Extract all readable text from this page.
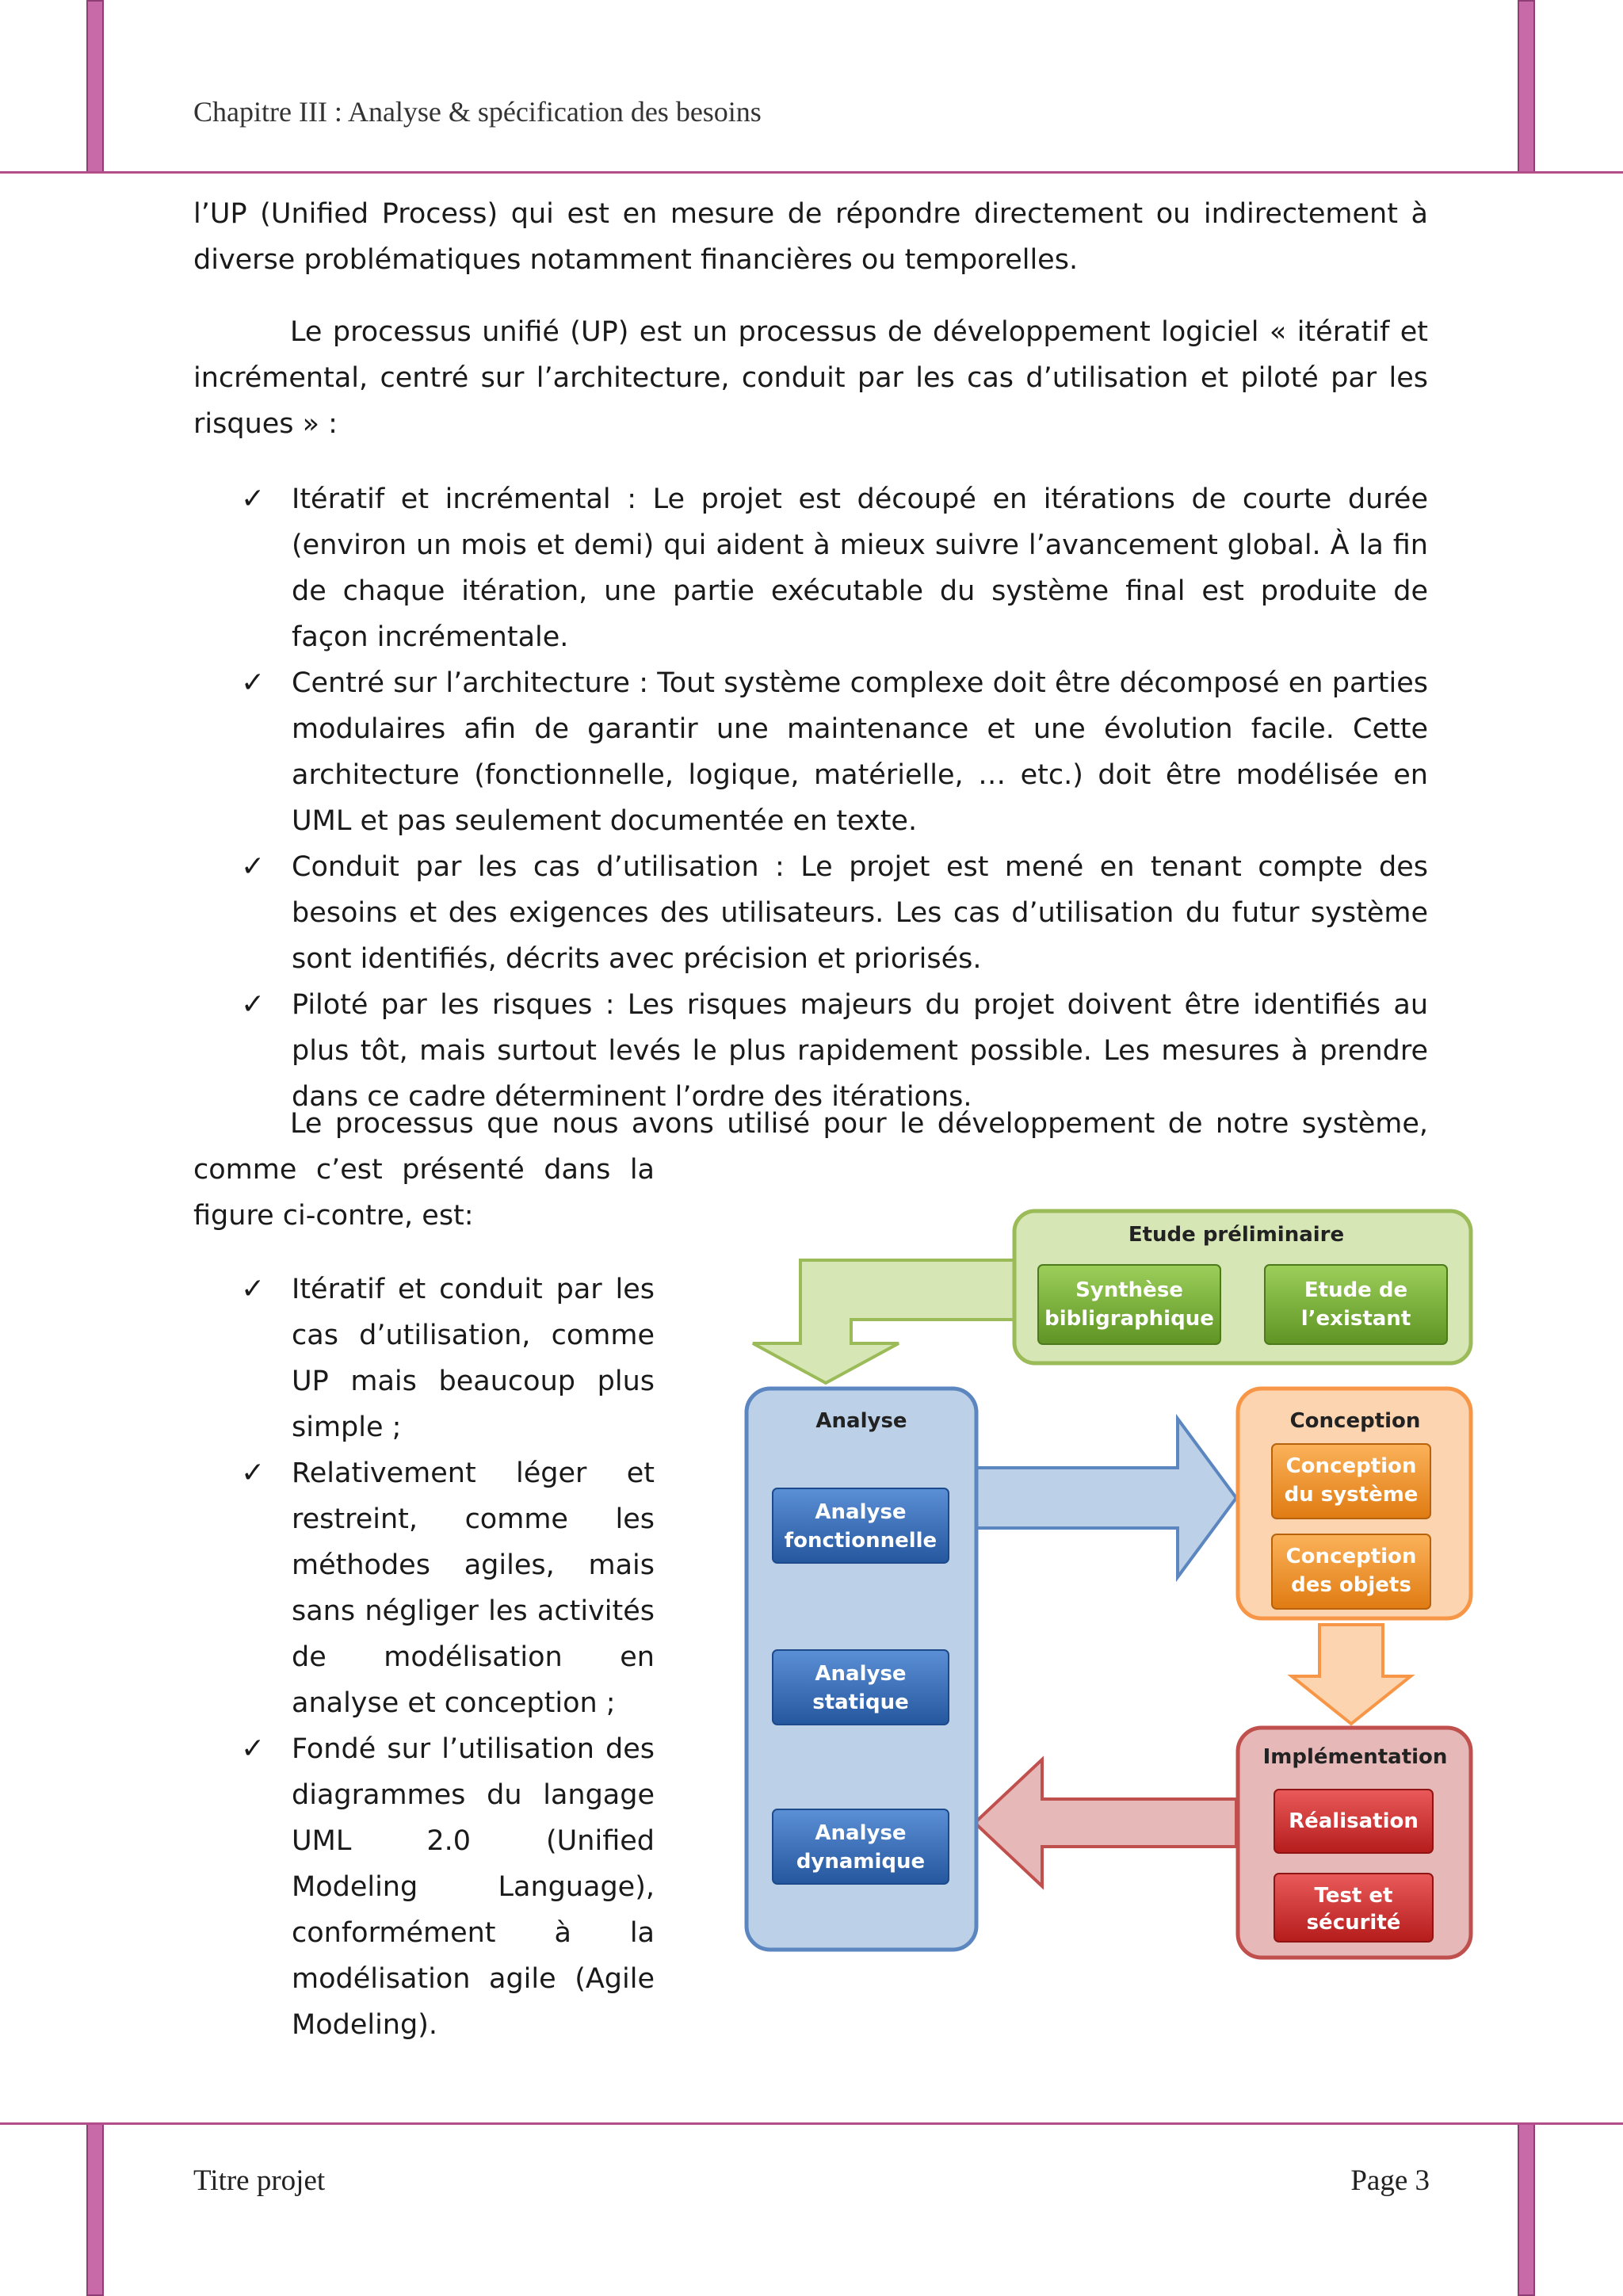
Chapitre III : Analyse & spécification des besoins

l’UP (Unified Process) qui est en mesure de répondre directement ou indirectement à diverse problématiques notamment financières ou temporelles.

Le processus unifié (UP) est un processus de développement logiciel « itératif et incrémental, centré sur l’architecture, conduit par les cas d’utilisation et piloté par les risques » :

✓ Itératif et incrémental : Le projet est découpé en itérations de courte durée (environ un mois et demi) qui aident à mieux suivre l’avancement global. À la fin de chaque itération, une partie exécutable du système final est produite de façon incrémentale.
✓ Centré sur l’architecture : Tout système complexe doit être décomposé en parties modulaires afin de garantir une maintenance et une évolution facile. Cette architecture (fonctionnelle, logique, matérielle, … etc.) doit être modélisée en UML et pas seulement documentée en texte.
✓ Conduit par les cas d’utilisation : Le projet est mené en tenant compte des besoins et des exigences des utilisateurs. Les cas d’utilisation du futur système sont identifiés, décrits avec précision et priorisés.
✓ Piloté par les risques : Les risques majeurs du projet doivent être identifiés au plus tôt, mais surtout levés le plus rapidement possible. Les mesures à prendre dans ce cadre déterminent l’ordre des itérations.
Le processus que nous avons utilisé pour le développement de notre système,
comme c’est présenté dans la
figure ci-contre, est:
✓ Itératif et conduit par les cas d’utilisation, comme UP mais beaucoup plus simple ;
✓ Relativement léger et restreint, comme les méthodes agiles, mais sans négliger les activités de modélisation en analyse et conception ;
✓ Fondé sur l’utilisation des diagrammes du langage UML 2.0 (Unified Modeling Language), conformément à la modélisation agile (Agile Modeling).
Etude préliminaire
Synthèse
bibligraphique
Etude de
l’existant
Analyse
Analyse
fonctionnelle
Analyse
statique
Analyse
dynamique
Conception
Conception
du système
Conception
des objets
Implémentation
Réalisation
Test et
sécurité
Titre projet	Page 3
